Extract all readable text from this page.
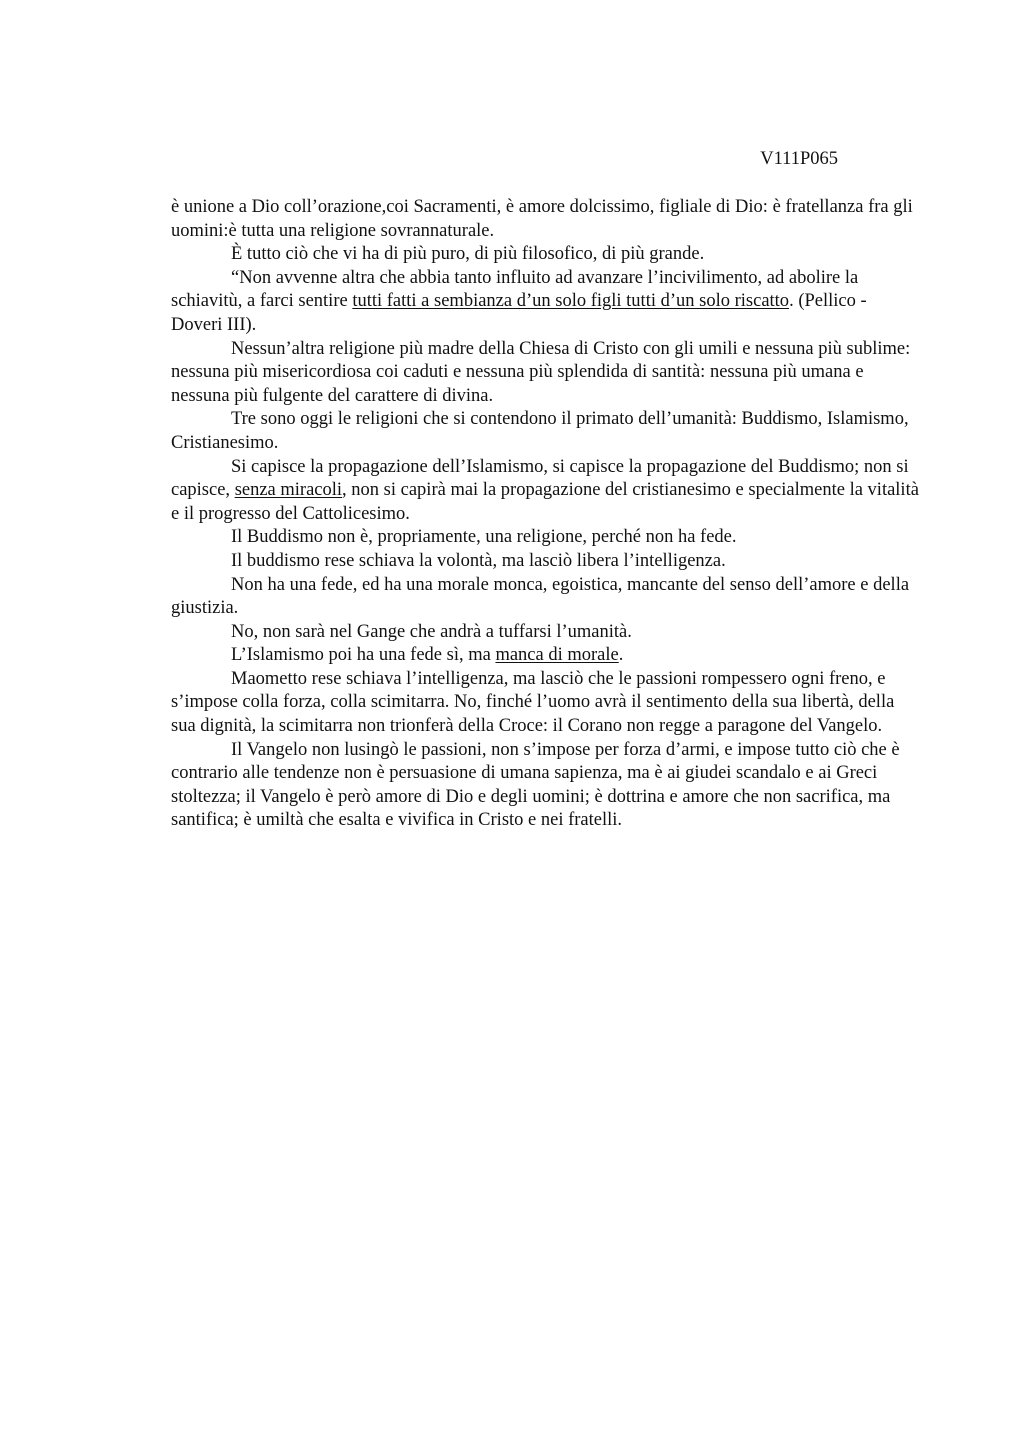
V111P065

è unione a Dio coll’orazione,coi Sacramenti, è amore dolcissimo, figliale di Dio: è fratellanza fra gli uomini:è tutta una religione sovrannaturale.

È tutto ciò che vi ha di più puro, di più filosofico, di più grande.

“Non avvenne altra che abbia tanto influito ad avanzare l’incivilimento, ad abolire la schiavitù, a farci sentire tutti fatti a sembianza d’un solo figli tutti d’un solo riscatto. (Pellico - Doveri III).

Nessun’altra religione più madre della Chiesa di Cristo con gli umili e nessuna più sublime: nessuna più misericordiosa coi caduti e nessuna più splendida di santità: nessuna più umana e nessuna più fulgente del carattere di divina.

Tre sono oggi le religioni che si contendono il primato dell’umanità: Buddismo, Islamismo, Cristianesimo.

Si capisce la propagazione dell’Islamismo, si capisce la propagazione del Buddismo; non si capisce, senza miracoli, non si capirà mai la propagazione del cristianesimo e specialmente la vitalità e il progresso del Cattolicesimo.

Il Buddismo non è, propriamente, una religione, perché non ha fede.

Il buddismo rese schiava la volontà, ma lasciò libera l’intelligenza.

Non ha una fede, ed ha una morale monca, egoistica, mancante del senso dell’amore e della giustizia.

No, non sarà nel Gange che andrà a tuffarsi l’umanità.

L’Islamismo poi ha una fede sì, ma manca di morale.

Maometto rese schiava l’intelligenza, ma lasciò che le passioni rompessero ogni freno, e s’impose colla forza, colla scimitarra. No, finché l’uomo avrà il sentimento della sua libertà, della sua dignità, la scimitarra non trionferà della Croce: il Corano non regge a paragone del Vangelo.

Il Vangelo non lusingò le passioni, non s’impose per forza d’armi, e impose tutto ciò che è contrario alle tendenze non è persuasione di umana sapienza, ma è ai giudei scandalo e ai Greci stoltezza; il Vangelo è però amore di Dio e degli uomini; è dottrina e amore che non sacrifica, ma santifica; è umiltà che esalta e vivifica in Cristo e nei fratelli.
